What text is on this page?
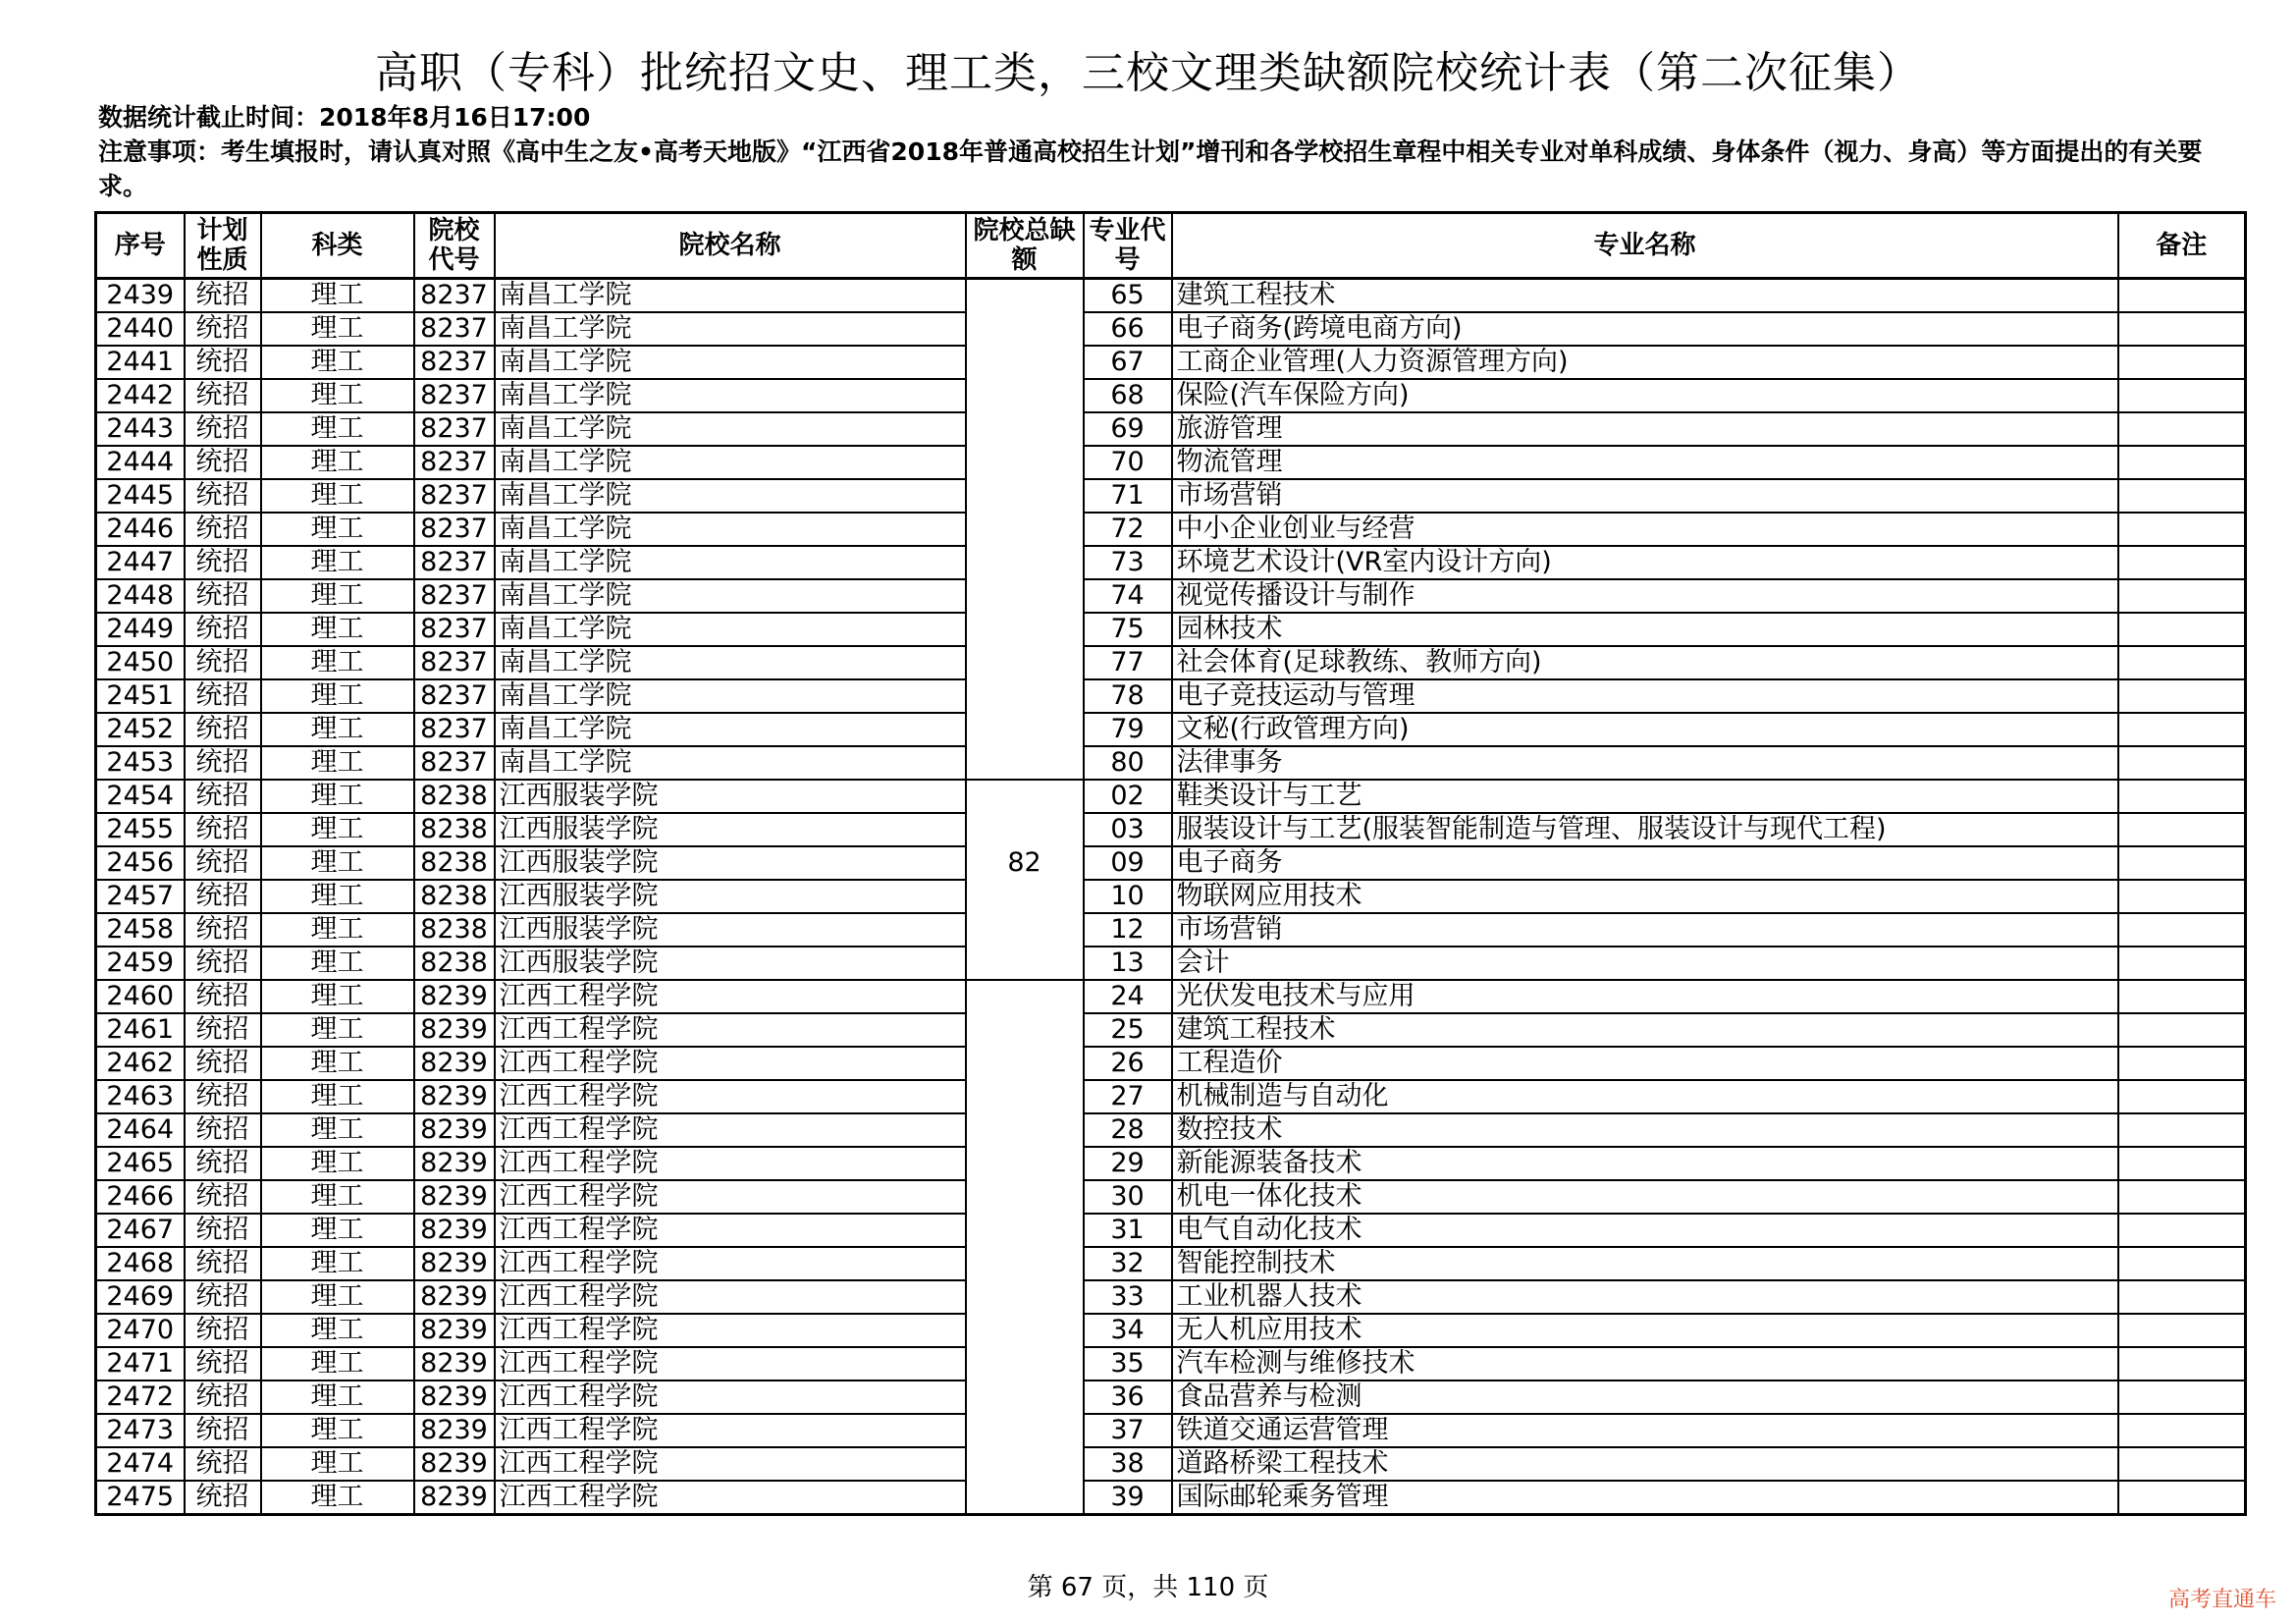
高职（专科）批统招文史、理工类，三校文理类缺额院校统计表（第二次征集）
数据统计截止时间：2018年8月16日17:00
注意事项：考生填报时，请认真对照《高中生之友•高考天地版》“江西省2018年普通高校招生计划”增刊和各学校招生章程中相关专业对单科成绩、身体条件（视力、身高）等方面提出的有关要求。
序号	计划性质	科类	院校代号	院校名称	院校总缺额	专业代号	专业名称	备注
2439	统招	理工	8237	南昌工学院		65	建筑工程技术	
2440	统招	理工	8237	南昌工学院		66	电子商务(跨境电商方向)	
2441	统招	理工	8237	南昌工学院		67	工商企业管理(人力资源管理方向)	
2442	统招	理工	8237	南昌工学院		68	保险(汽车保险方向)	
2443	统招	理工	8237	南昌工学院		69	旅游管理	
2444	统招	理工	8237	南昌工学院		70	物流管理	
2445	统招	理工	8237	南昌工学院		71	市场营销	
2446	统招	理工	8237	南昌工学院		72	中小企业创业与经营	
2447	统招	理工	8237	南昌工学院		73	环境艺术设计(VR室内设计方向)	
2448	统招	理工	8237	南昌工学院		74	视觉传播设计与制作	
2449	统招	理工	8237	南昌工学院		75	园林技术	
2450	统招	理工	8237	南昌工学院		77	社会体育(足球教练、教师方向)	
2451	统招	理工	8237	南昌工学院		78	电子竞技运动与管理	
2452	统招	理工	8237	南昌工学院		79	文秘(行政管理方向)	
2453	统招	理工	8237	南昌工学院		80	法律事务	
2454	统招	理工	8238	江西服装学院		02	鞋类设计与工艺	
2455	统招	理工	8238	江西服装学院		03	服装设计与工艺(服装智能制造与管理、服装设计与现代工程)	
2456	统招	理工	8238	江西服装学院	82	09	电子商务	
2457	统招	理工	8238	江西服装学院		10	物联网应用技术	
2458	统招	理工	8238	江西服装学院		12	市场营销	
2459	统招	理工	8238	江西服装学院		13	会计	
2460	统招	理工	8239	江西工程学院		24	光伏发电技术与应用	
2461	统招	理工	8239	江西工程学院		25	建筑工程技术	
2462	统招	理工	8239	江西工程学院		26	工程造价	
2463	统招	理工	8239	江西工程学院		27	机械制造与自动化	
2464	统招	理工	8239	江西工程学院		28	数控技术	
2465	统招	理工	8239	江西工程学院		29	新能源装备技术	
2466	统招	理工	8239	江西工程学院		30	机电一体化技术	
2467	统招	理工	8239	江西工程学院		31	电气自动化技术	
2468	统招	理工	8239	江西工程学院		32	智能控制技术	
2469	统招	理工	8239	江西工程学院		33	工业机器人技术	
2470	统招	理工	8239	江西工程学院		34	无人机应用技术	
2471	统招	理工	8239	江西工程学院		35	汽车检测与维修技术	
2472	统招	理工	8239	江西工程学院		36	食品营养与检测	
2473	统招	理工	8239	江西工程学院		37	铁道交通运营管理	
2474	统招	理工	8239	江西工程学院		38	道路桥梁工程技术	
2475	统招	理工	8239	江西工程学院		39	国际邮轮乘务管理	
第 67 页，共 110 页	高考直通车
